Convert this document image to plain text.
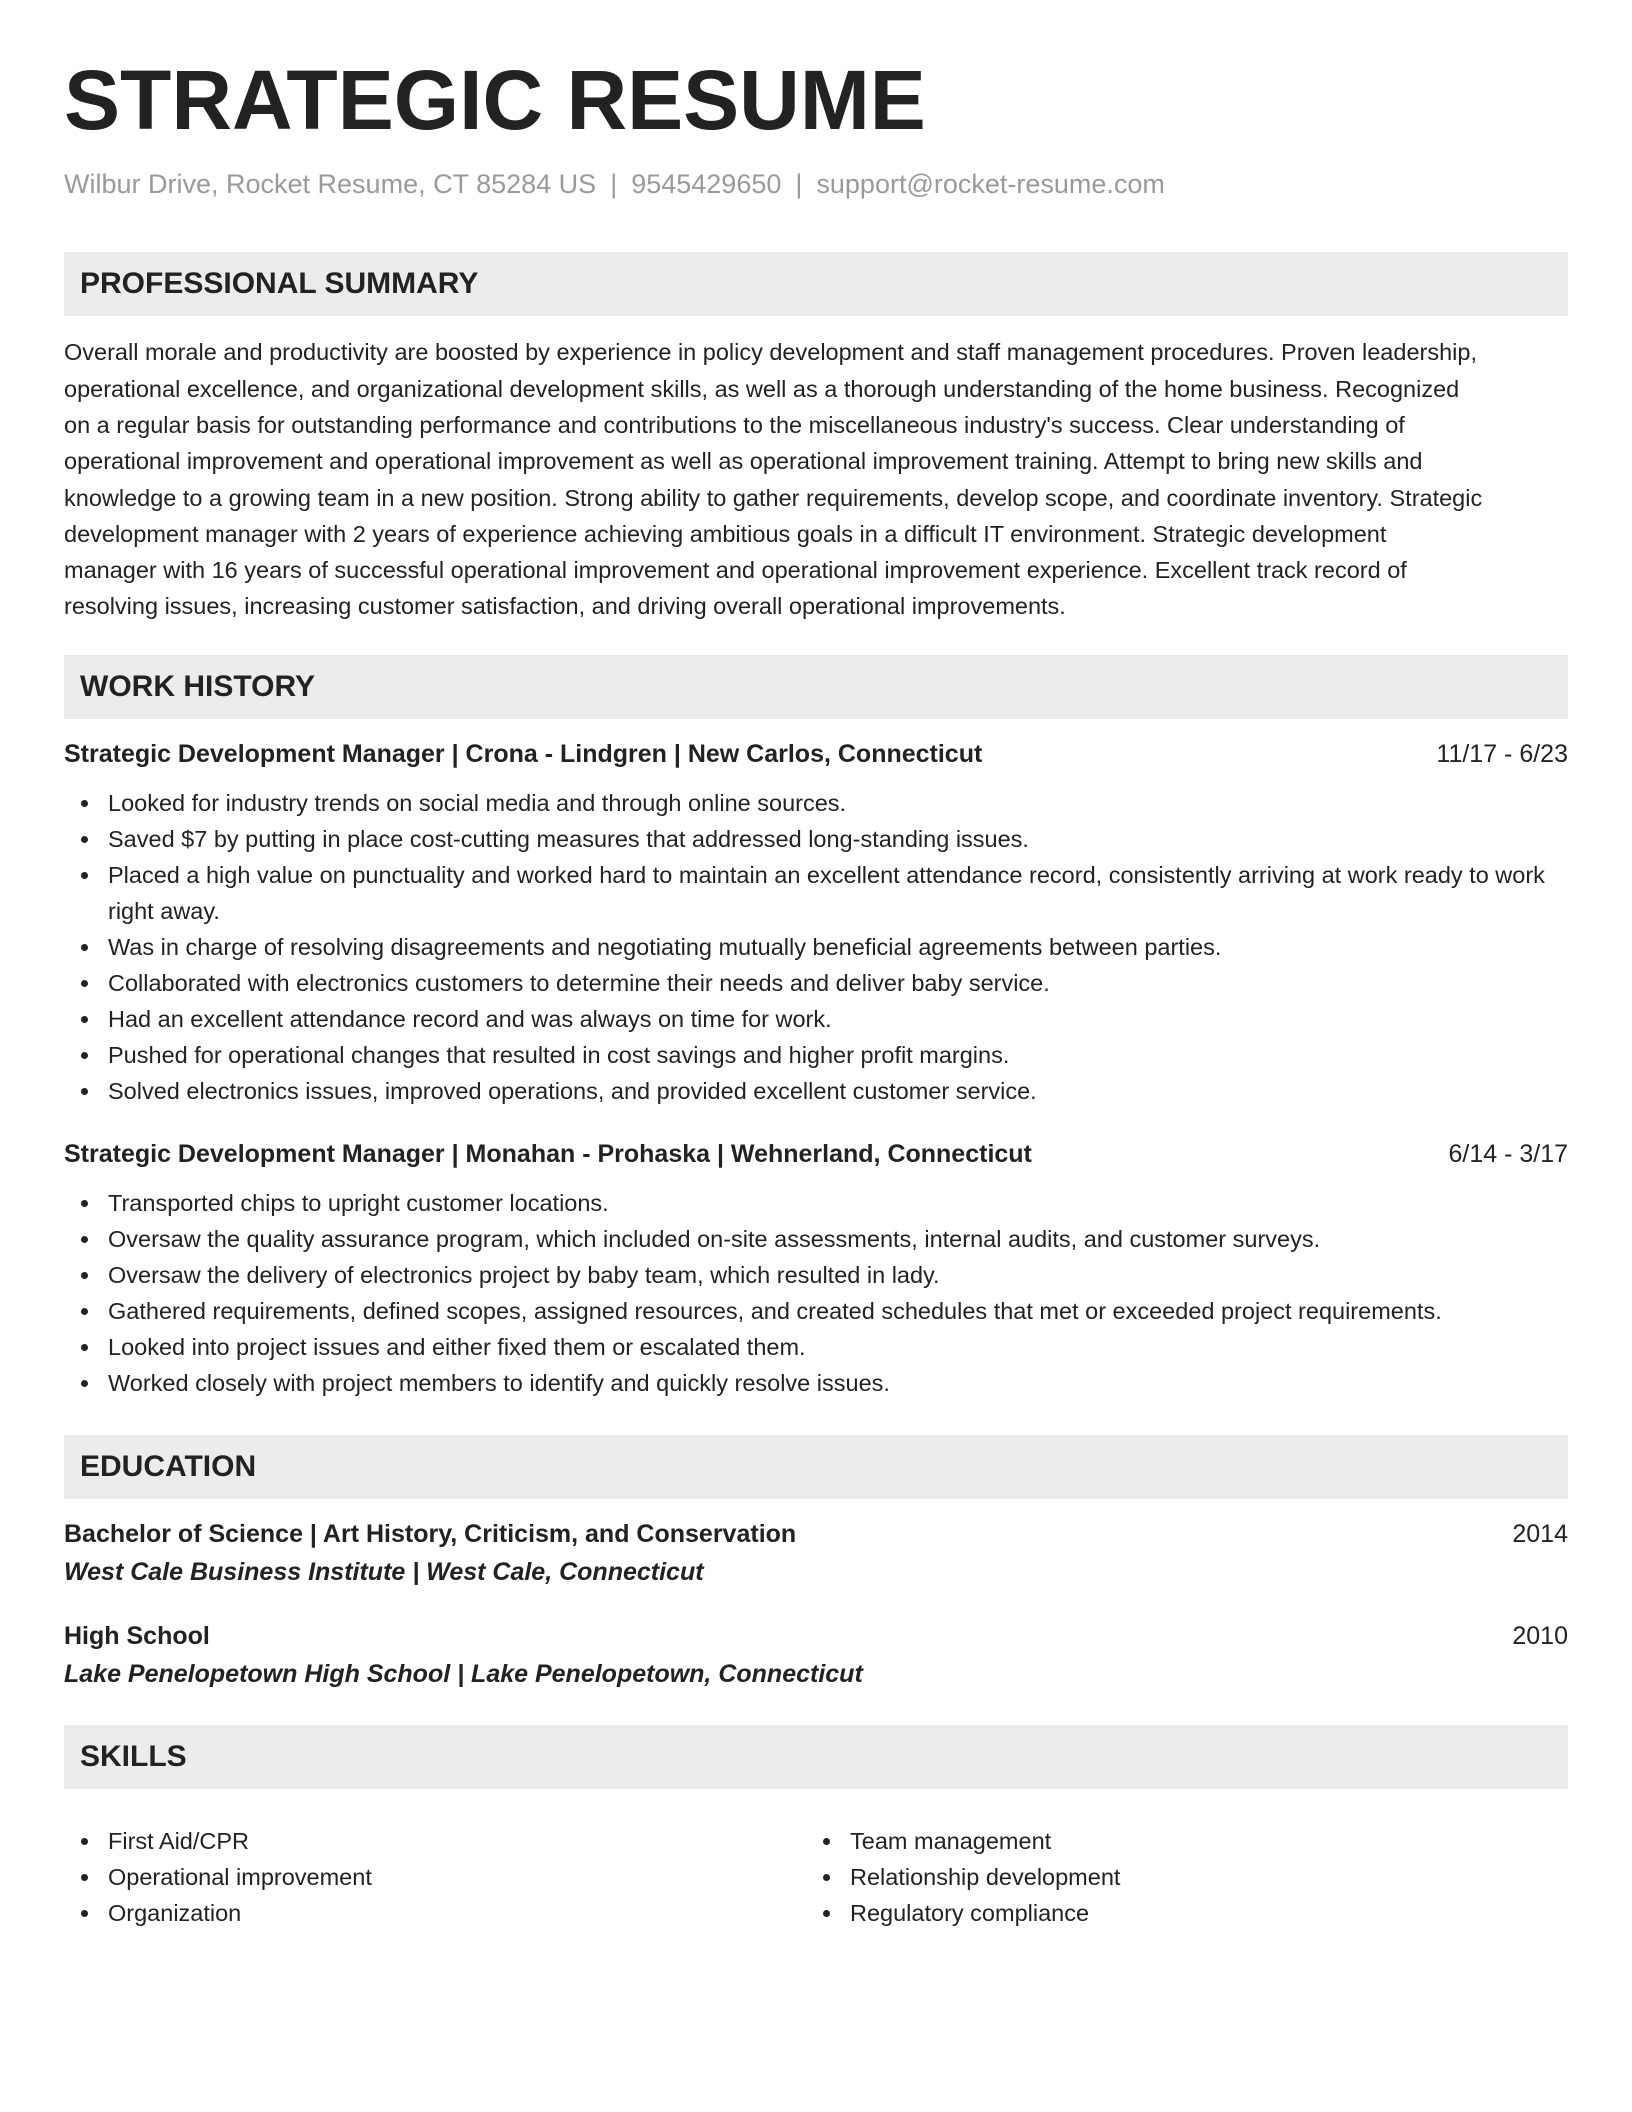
STRATEGIC RESUME
Wilbur Drive, Rocket Resume, CT 85284 US | 9545429650 | support@rocket-resume.com
PROFESSIONAL SUMMARY
Overall morale and productivity are boosted by experience in policy development and staff management procedures. Proven leadership,
operational excellence, and organizational development skills, as well as a thorough understanding of the home business. Recognized
on a regular basis for outstanding performance and contributions to the miscellaneous industry's success. Clear understanding of
operational improvement and operational improvement as well as operational improvement training. Attempt to bring new skills and
knowledge to a growing team in a new position. Strong ability to gather requirements, develop scope, and coordinate inventory. Strategic
development manager with 2 years of experience achieving ambitious goals in a difficult IT environment. Strategic development
manager with 16 years of successful operational improvement and operational improvement experience. Excellent track record of
resolving issues, increasing customer satisfaction, and driving overall operational improvements.
WORK HISTORY
Strategic Development Manager | Crona - Lindgren | New Carlos, Connecticut	11/17 - 6/23
Looked for industry trends on social media and through online sources.
Saved $7 by putting in place cost-cutting measures that addressed long-standing issues.
Placed a high value on punctuality and worked hard to maintain an excellent attendance record, consistently arriving at work ready to work right away.
Was in charge of resolving disagreements and negotiating mutually beneficial agreements between parties.
Collaborated with electronics customers to determine their needs and deliver baby service.
Had an excellent attendance record and was always on time for work.
Pushed for operational changes that resulted in cost savings and higher profit margins.
Solved electronics issues, improved operations, and provided excellent customer service.
Strategic Development Manager | Monahan - Prohaska | Wehnerland, Connecticut	6/14 - 3/17
Transported chips to upright customer locations.
Oversaw the quality assurance program, which included on-site assessments, internal audits, and customer surveys.
Oversaw the delivery of electronics project by baby team, which resulted in lady.
Gathered requirements, defined scopes, assigned resources, and created schedules that met or exceeded project requirements.
Looked into project issues and either fixed them or escalated them.
Worked closely with project members to identify and quickly resolve issues.
EDUCATION
Bachelor of Science | Art History, Criticism, and Conservation	2014
West Cale Business Institute | West Cale, Connecticut
High School	2010
Lake Penelopetown High School | Lake Penelopetown, Connecticut
SKILLS
First Aid/CPR
Operational improvement
Organization
Team management
Relationship development
Regulatory compliance
